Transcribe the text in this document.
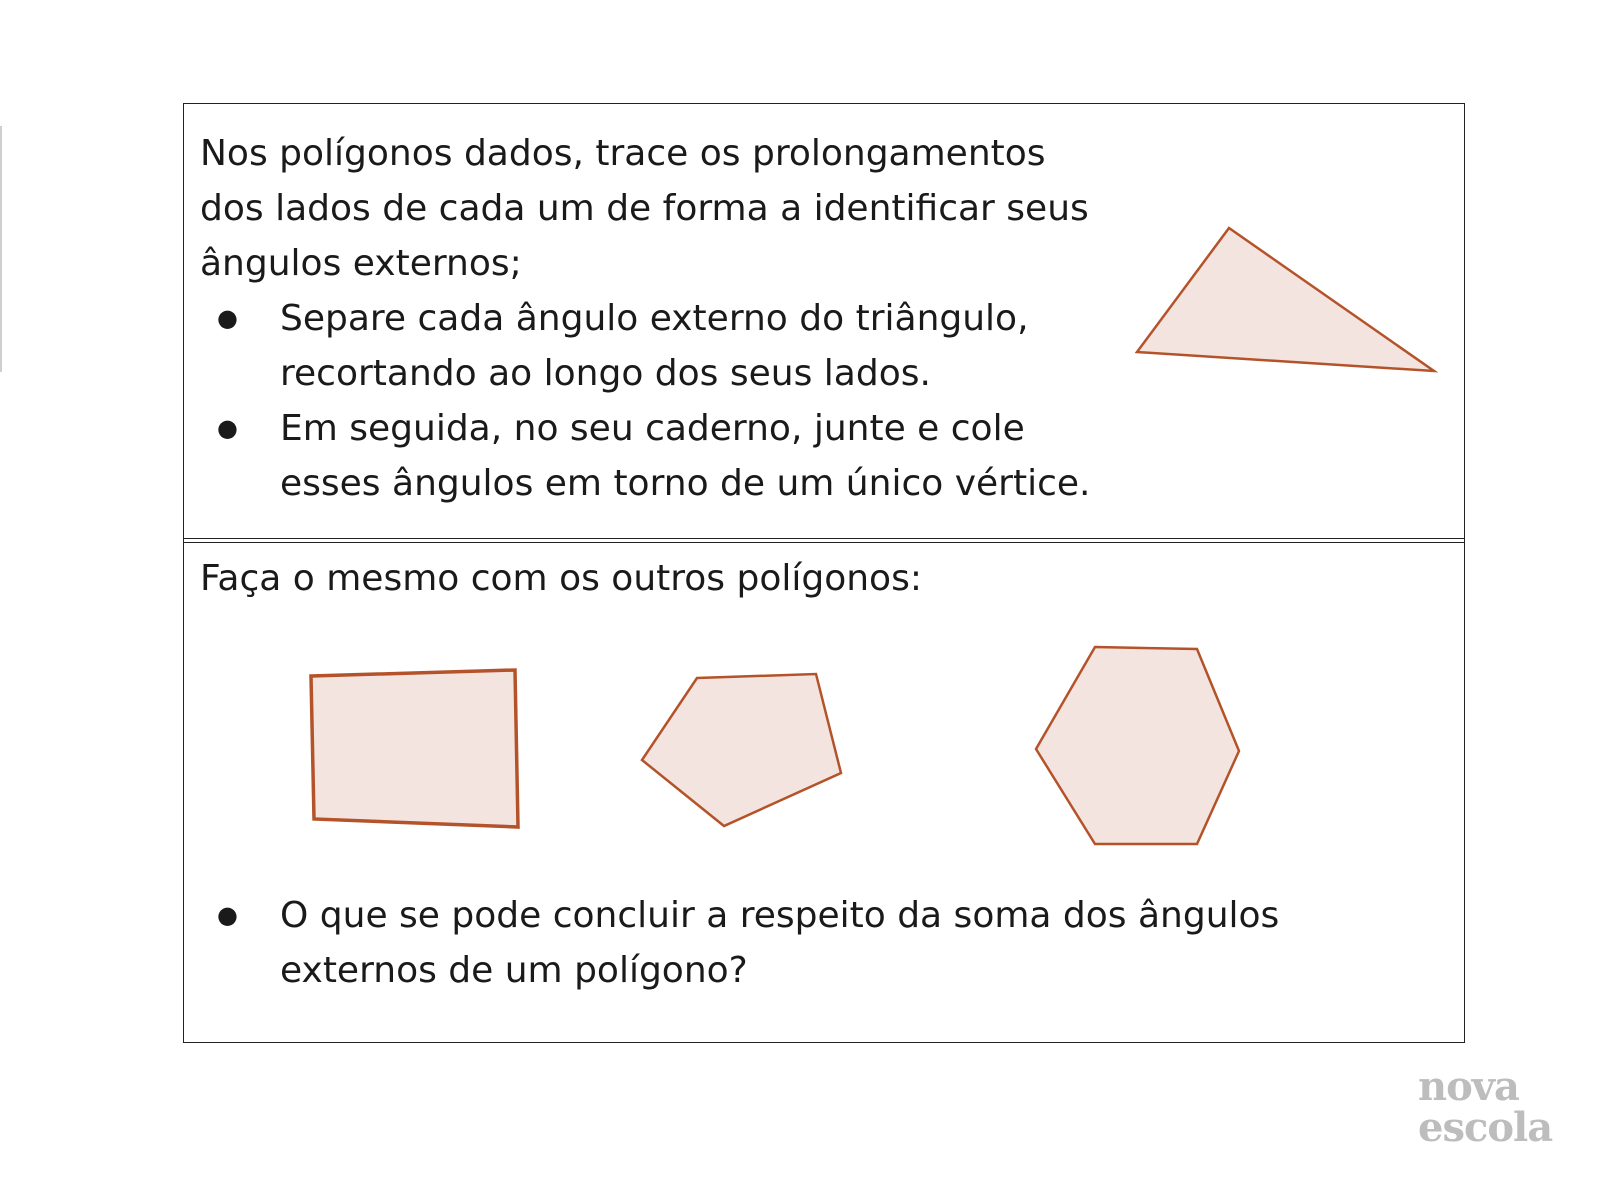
Nos polígonos dados, trace os prolongamentos
dos lados de cada um de forma a identificar seus
ângulos externos;
● Separe cada ângulo externo do triângulo,
recortando ao longo dos seus lados.
● Em seguida, no seu caderno, junte e cole
esses ângulos em torno de um único vértice.
Faça o mesmo com os outros polígonos:
● O que se pode concluir a respeito da soma dos ângulos
externos de um polígono?
nova
escola
